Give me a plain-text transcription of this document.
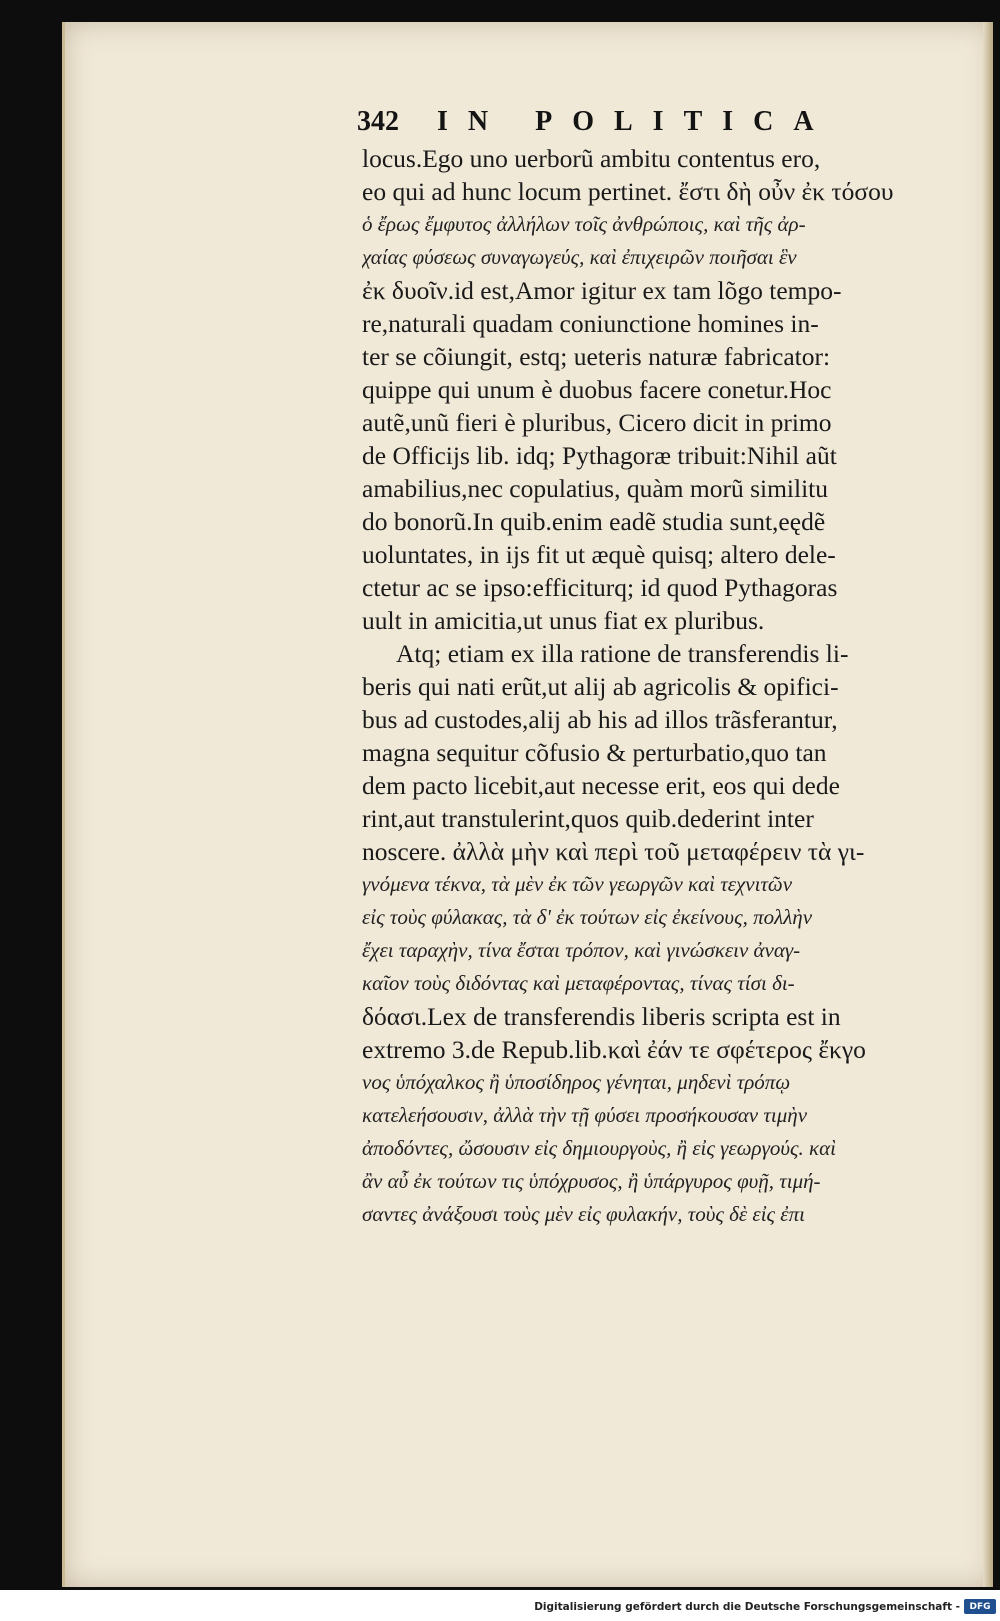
342 IN POLITICA
locus.Ego uno uerborũ ambitu contentus ero,
eo qui ad hunc locum pertinet. ἔστι δὴ οὖν ἐκ τόσου
ὁ ἔρως ἔμφυτος ἀλλήλων τοῖς ἀνθρώποις, καὶ τῆς ἀρ-
χαίας φύσεως συναγωγεύς, καὶ ἐπιχειρῶν ποιῆσαι ἓν
ἐκ δυοῖν.id est,Amor igitur ex tam lõgo tempo-
re,naturali quadam coniunctione homines in-
ter se cõiungit, estq; ueteris naturæ fabricator:
quippe qui unum è duobus facere conetur.Hoc
autẽ,unũ fieri è pluribus, Cicero dicit in primo
de Officijs lib. idq; Pythagoræ tribuit:Nihil aũt
amabilius,nec copulatius, quàm morũ similitu
do bonorũ.In quib.enim eadẽ studia sunt,eędẽ
uoluntates, in ijs fit ut æquè quisq; altero dele-
ctetur ac se ipso:efficiturq; id quod Pythagoras
uult in amicitia,ut unus fiat ex pluribus.
Atq; etiam ex illa ratione de transferendis li-
beris qui nati erũt,ut alij ab agricolis & opifici-
bus ad custodes,alij ab his ad illos trãsferantur,
magna sequitur cõfusio & perturbatio,quo tan
dem pacto licebit,aut necesse erit, eos qui dede
rint,aut transtulerint,quos quib.dederint inter
noscere. ἀλλὰ μὴν καὶ περὶ τοῦ μεταφέρειν τὰ γι-
γνόμενα τέκνα, τὰ μὲν ἐκ τῶν γεωργῶν καὶ τεχνιτῶν
εἰς τοὺς φύλακας, τὰ δ' ἐκ τούτων εἰς ἐκείνους, πολλὴν
ἔχει ταραχὴν, τίνα ἔσται τρόπον, καὶ γινώσκειν ἀναγ-
καῖον τοὺς διδόντας καὶ μεταφέροντας, τίνας τίσι δι-
δόασι.Lex de transferendis liberis scripta est in
extremo 3.de Repub.lib.καὶ ἐάν τε σφέτερος ἔκγο
νος ὑπόχαλκος ἢ ὑποσίδηρος γένηται, μηδενὶ τρόπῳ
κατελεήσουσιν, ἀλλὰ τὴν τῇ φύσει προσήκουσαν τιμὴν
ἀποδόντες, ὤσουσιν εἰς δημιουργοὺς, ἢ εἰς γεωργούς. καὶ
ἂν αὖ ἐκ τούτων τις ὑπόχρυσος, ἢ ὑπάργυρος φυῇ, τιμή-
σαντες ἀνάξουσι τοὺς μὲν εἰς φυλακήν, τοὺς δὲ εἰς ἐπι
Digitalisierung gefördert durch die Deutsche Forschungsgemeinschaft -	DFG
